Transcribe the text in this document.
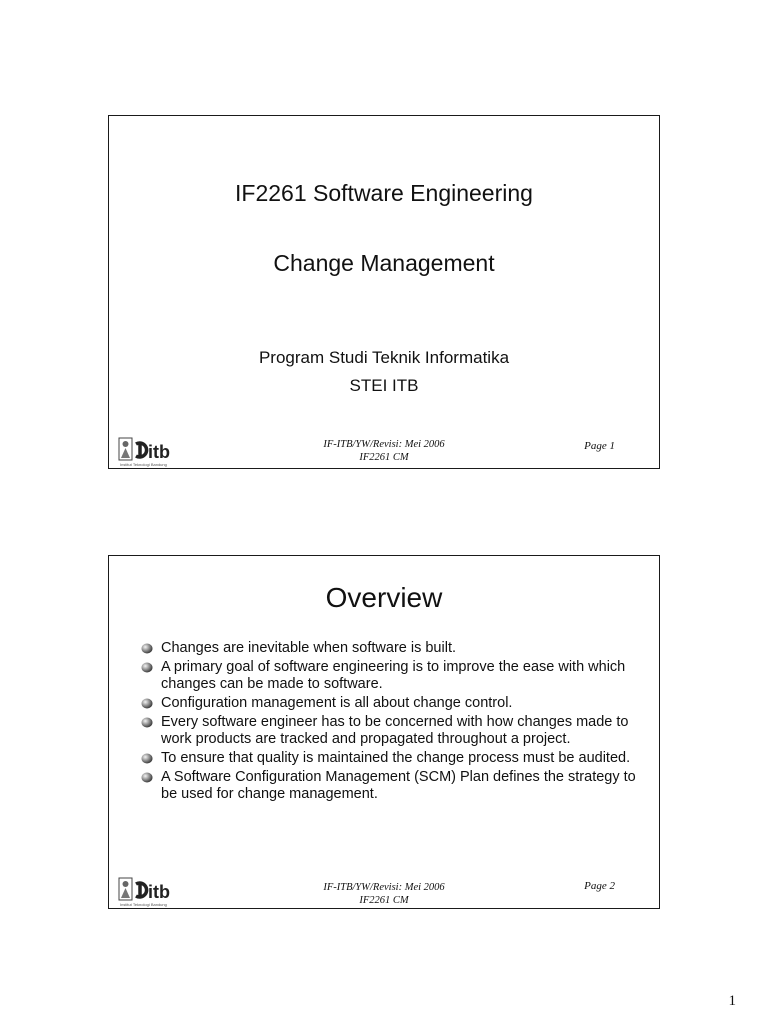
IF2261 Software Engineering
Change Management
Program Studi Teknik Informatika
STEI ITB
itb
Institut Teknologi Bandung
IF-ITB/YW/Revisi: Mei 2006
IF2261 CM
Page 1
Overview
Changes are inevitable when software is built.
A primary goal of software engineering is to improve the ease with which changes can be made to software.
Configuration management is all about change control.
Every software engineer has to be concerned with how changes made to work products are tracked and propagated throughout a project.
To ensure that quality is maintained the change process must be audited.
A Software Configuration Management (SCM) Plan defines the strategy to be used for change management.
itb
Institut Teknologi Bandung
IF-ITB/YW/Revisi: Mei 2006
IF2261 CM
Page 2
1
